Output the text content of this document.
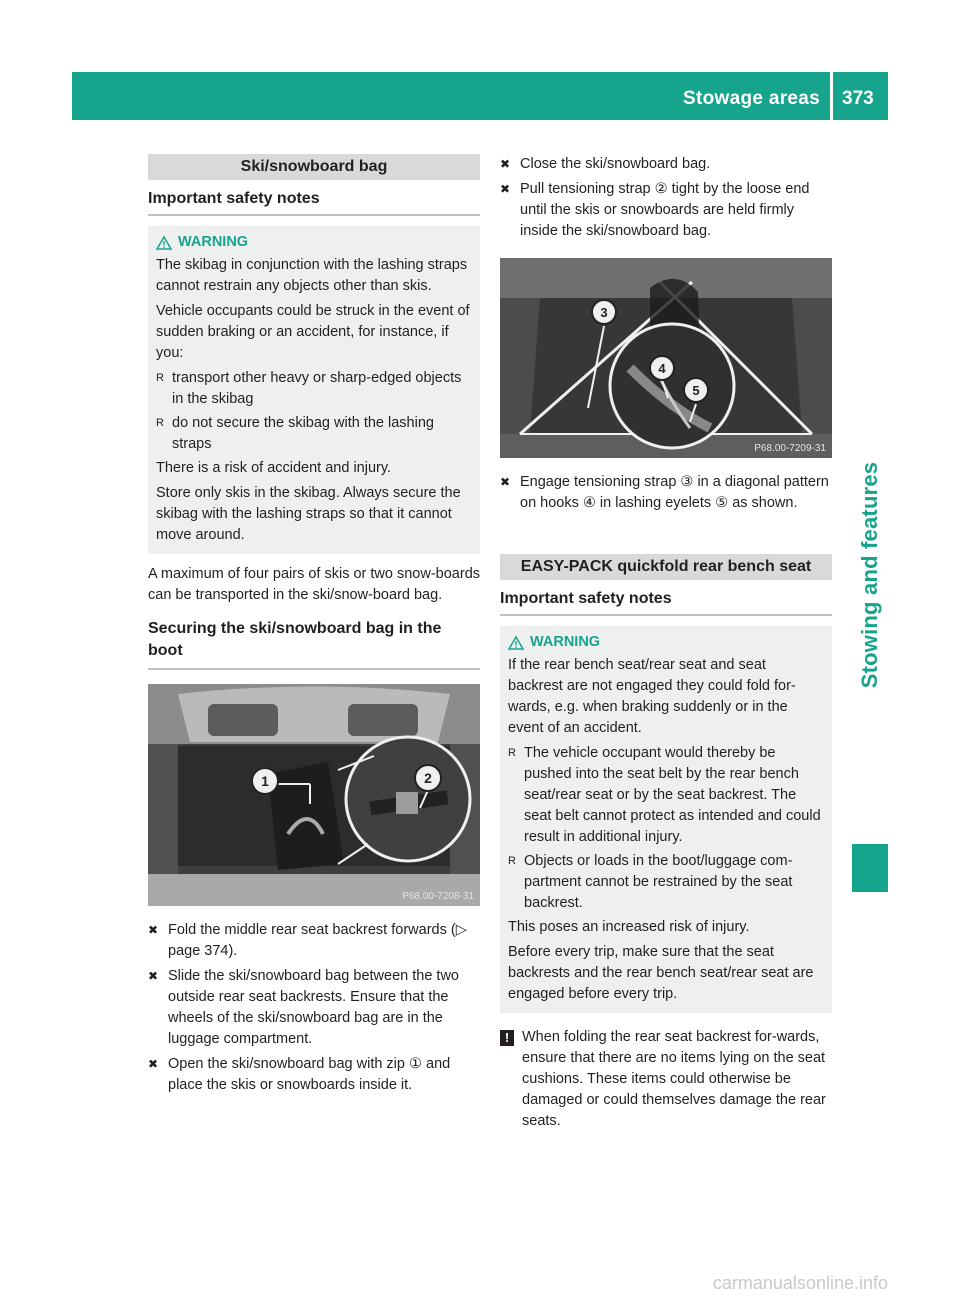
Stowage areas 373
Stowing and features
Ski/snowboard bag
Important safety notes
WARNING

The skibag in conjunction with the lashing straps cannot restrain any objects other than skis.

Vehicle occupants could be struck in the event of sudden braking or an accident, for instance, if you:

R transport other heavy or sharp-edged objects in the skibag
R do not secure the skibag with the lashing straps

There is a risk of accident and injury.

Store only skis in the skibag. Always secure the skibag with the lashing straps so that it cannot move around.

A maximum of four pairs of skis or two snow-boards can be transported in the ski/snow-board bag.
Securing the ski/snowboard bag in the boot
1	2
P68.00-7208-31
✖ Fold the middle rear seat backrest forwards (▷ page 374).
✖ Slide the ski/snowboard bag between the two outside rear seat backrests. Ensure that the wheels of the ski/snowboard bag are in the luggage compartment.
✖ Open the ski/snowboard bag with zip ① and place the skis or snowboards inside it.
✖ Close the ski/snowboard bag.
✖ Pull tensioning strap ② tight by the loose end until the skis or snowboards are held firmly inside the ski/snowboard bag.
3
4
5
P68.00-7209-31
✖ Engage tensioning strap ③ in a diagonal pattern on hooks ④ in lashing eyelets ⑤ as shown.
EASY-PACK quickfold rear bench seat
Important safety notes
WARNING

If the rear bench seat/rear seat and seat backrest are not engaged they could fold for-wards, e.g. when braking suddenly or in the event of an accident.

R The vehicle occupant would thereby be pushed into the seat belt by the rear bench seat/rear seat or by the seat backrest. The seat belt cannot protect as intended and could result in additional injury.
R Objects or loads in the boot/luggage com-partment cannot be restrained by the seat backrest.

This poses an increased risk of injury.

Before every trip, make sure that the seat backrests and the rear bench seat/rear seat are engaged before every trip.

! When folding the rear seat backrest for-wards, ensure that there are no items lying on the seat cushions. These items could otherwise be damaged or could themselves damage the rear seats.
carmanualsonline.info
